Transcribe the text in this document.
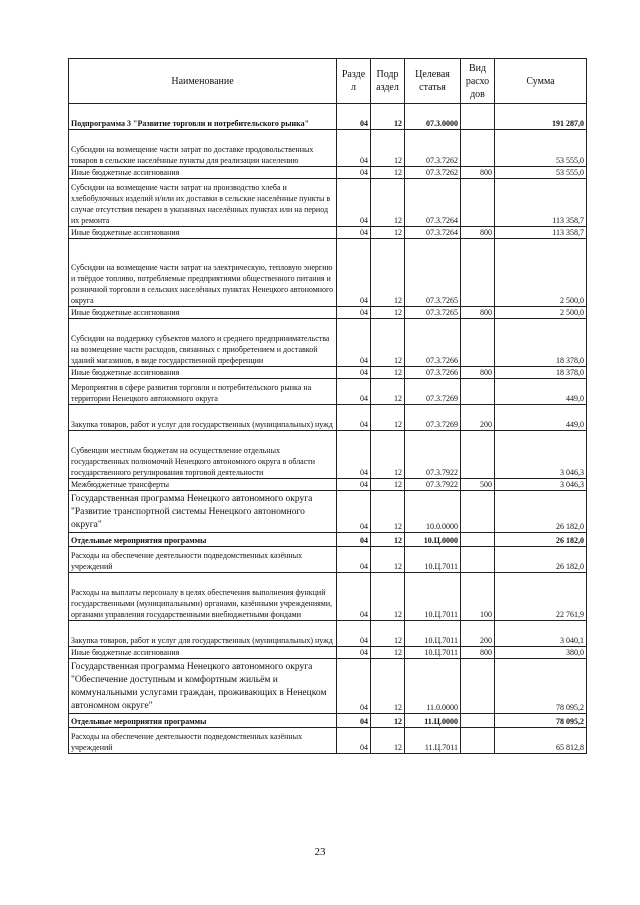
Наименование	Разде л	Подр аздел	Целевая статья	Вид расхо дов	Сумма
Подпрограмма 3 "Развитие торговли и потребительского рынка"	04	12	07.3.0000		191 287,0
Субсидии на возмещение части затрат по доставке продовольственных товаров в сельские населённые пункты для реализации населению	04	12	07.3.7262		53 555,0
Иные бюджетные ассигнования	04	12	07.3.7262	800	53 555,0
Субсидии на возмещение части затрат на производство хлеба и хлебобулочных изделий и/или их доставки в сельские населённые пункты в случае отсутствия пекарен в указанных населённых пунктах или на период их ремонта	04	12	07.3.7264		113 358,7
Иные бюджетные ассигнования	04	12	07.3.7264	800	113 358,7
Субсидии на возмещение части затрат на электрическую, тепловую энергию и твёрдое топливо, потребляемые предприятиями общественного питания и розничной торговли в сельских населённых пунктах Ненецкого автономного округа	04	12	07.3.7265		2 500,0
Иные бюджетные ассигнования	04	12	07.3.7265	800	2 500,0
Субсидии на поддержку субъектов малого и среднего предпринимательства на возмещение части расходов, связанных с приобретением и доставкой зданий магазинов, в виде государственной преференции	04	12	07.3.7266		18 378,0
Иные бюджетные ассигнования	04	12	07.3.7266	800	18 378,0
Мероприятия в сфере развития торговли и потребительского рынка на территории Ненецкого автономного округа	04	12	07.3.7269		449,0
Закупка товаров, работ и услуг для государственных (муниципальных) нужд	04	12	07.3.7269	200	449,0
Субвенции местным бюджетам на осуществление отдельных государственных полномочий Ненецкого автономного округа в области государственного регулирования торговой деятельности	04	12	07.3.7922		3 046,3
Межбюджетные трансферты	04	12	07.3.7922	500	3 046,3
Государственная программа Ненецкого автономного округа "Развитие транспортной системы Ненецкого автономного округа"	04	12	10.0.0000		26 182,0
Отдельные мероприятия программы	04	12	10.Ц.0000		26 182,0
Расходы на обеспечение деятельности подведомственных казённых учреждений	04	12	10.Ц.7011		26 182,0
Расходы на выплаты персоналу в целях обеспечения выполнения функций государственными (муниципальными) органами, казёнными учреждениями, органами управления государственными внебюджетными фондами	04	12	10.Ц.7011	100	22 761,9
Закупка товаров, работ и услуг для государственных (муниципальных) нужд	04	12	10.Ц.7011	200	3 040,1
Иные бюджетные ассигнования	04	12	10.Ц.7011	800	380,0
Государственная программа Ненецкого автономного округа "Обеспечение доступным и комфортным жильём и коммунальными услугами граждан, проживающих в Ненецком автономном округе"	04	12	11.0.0000		78 095,2
Отдельные мероприятия программы	04	12	11.Ц.0000		78 095,2
Расходы на обеспечение деятельности подведомственных казённых учреждений	04	12	11.Ц.7011		65 812,8
23
